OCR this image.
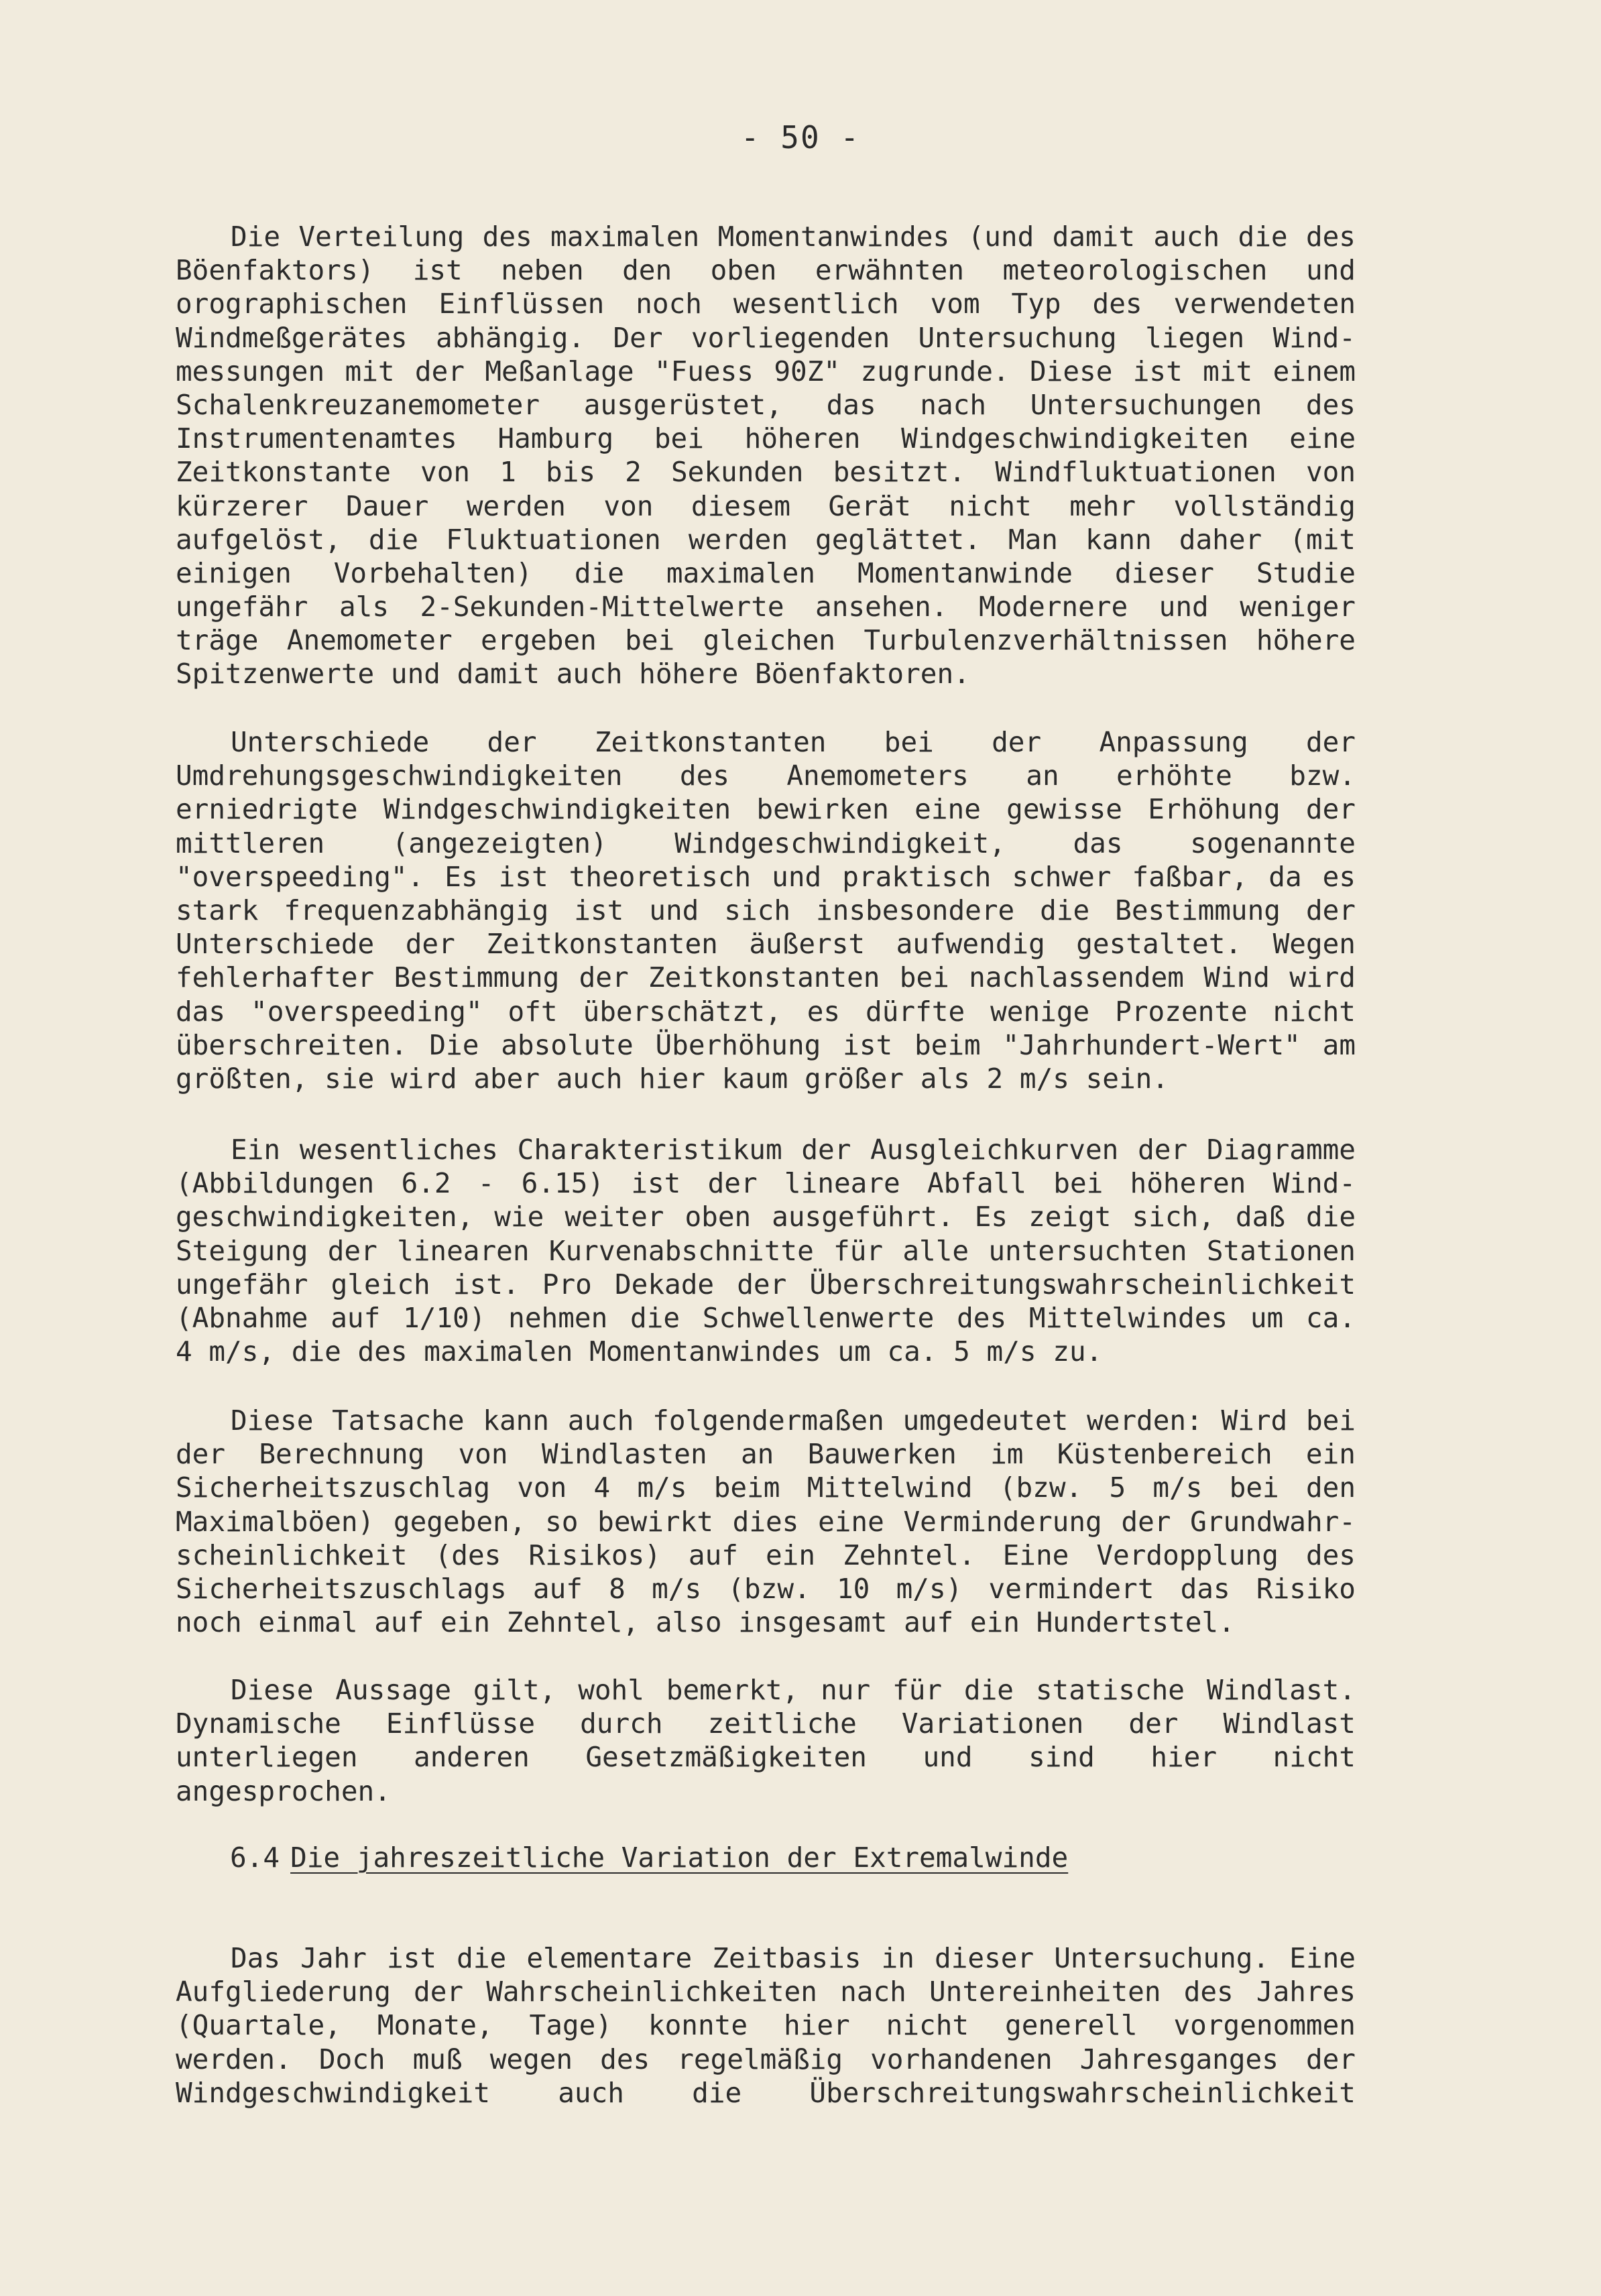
- 50 -
Die Verteilung des maximalen Momentanwindes (und damit auch die des
Böenfaktors) ist neben den oben erwähnten meteorologischen und
orographischen Einflüssen noch wesentlich vom Typ des verwendeten
Windmeßgerätes abhängig. Der vorliegenden Untersuchung liegen Wind-
messungen mit der Meßanlage "Fuess 90Z" zugrunde. Diese ist mit einem
Schalenkreuzanemometer ausgerüstet, das nach Untersuchungen des
Instrumentenamtes Hamburg bei höheren Windgeschwindigkeiten eine
Zeitkonstante von 1 bis 2 Sekunden besitzt. Windfluktuationen von
kürzerer Dauer werden von diesem Gerät nicht mehr vollständig
aufgelöst, die Fluktuationen werden geglättet. Man kann daher (mit
einigen Vorbehalten) die maximalen Momentanwinde dieser Studie
ungefähr als 2-Sekunden-Mittelwerte ansehen. Modernere und weniger
träge Anemometer ergeben bei gleichen Turbulenzverhältnissen höhere
Spitzenwerte und damit auch höhere Böenfaktoren.
Unterschiede der Zeitkonstanten bei der Anpassung der
Umdrehungsgeschwindigkeiten des Anemometers an erhöhte bzw.
erniedrigte Windgeschwindigkeiten bewirken eine gewisse Erhöhung der
mittleren (angezeigten) Windgeschwindigkeit, das sogenannte
"overspeeding". Es ist theoretisch und praktisch schwer faßbar, da es
stark frequenzabhängig ist und sich insbesondere die Bestimmung der
Unterschiede der Zeitkonstanten äußerst aufwendig gestaltet. Wegen
fehlerhafter Bestimmung der Zeitkonstanten bei nachlassendem Wind wird
das "overspeeding" oft überschätzt, es dürfte wenige Prozente nicht
überschreiten. Die absolute Überhöhung ist beim "Jahrhundert-Wert" am
größten, sie wird aber auch hier kaum größer als 2 m/s sein.
Ein wesentliches Charakteristikum der Ausgleichkurven der Diagramme
(Abbildungen 6.2 - 6.15) ist der lineare Abfall bei höheren Wind-
geschwindigkeiten, wie weiter oben ausgeführt. Es zeigt sich, daß die
Steigung der linearen Kurvenabschnitte für alle untersuchten Stationen
ungefähr gleich ist. Pro Dekade der Überschreitungswahrscheinlichkeit
(Abnahme auf 1/10) nehmen die Schwellenwerte des Mittelwindes um ca.
4 m/s, die des maximalen Momentanwindes um ca. 5 m/s zu.
Diese Tatsache kann auch folgendermaßen umgedeutet werden: Wird bei
der Berechnung von Windlasten an Bauwerken im Küstenbereich ein
Sicherheitszuschlag von 4 m/s beim Mittelwind (bzw. 5 m/s bei den
Maximalböen) gegeben, so bewirkt dies eine Verminderung der Grundwahr-
scheinlichkeit (des Risikos) auf ein Zehntel. Eine Verdopplung des
Sicherheitszuschlags auf 8 m/s (bzw. 10 m/s) vermindert das Risiko
noch einmal auf ein Zehntel, also insgesamt auf ein Hundertstel.
Diese Aussage gilt, wohl bemerkt, nur für die statische Windlast.
Dynamische Einflüsse durch zeitliche Variationen der Windlast
unterliegen anderen Gesetzmäßigkeiten und sind hier nicht
angesprochen.
6.4 Die jahreszeitliche Variation der Extremalwinde
Das Jahr ist die elementare Zeitbasis in dieser Untersuchung. Eine
Aufgliederung der Wahrscheinlichkeiten nach Untereinheiten des Jahres
(Quartale, Monate, Tage) konnte hier nicht generell vorgenommen
werden. Doch muß wegen des regelmäßig vorhandenen Jahresganges der
Windgeschwindigkeit auch die Überschreitungswahrscheinlichkeit
